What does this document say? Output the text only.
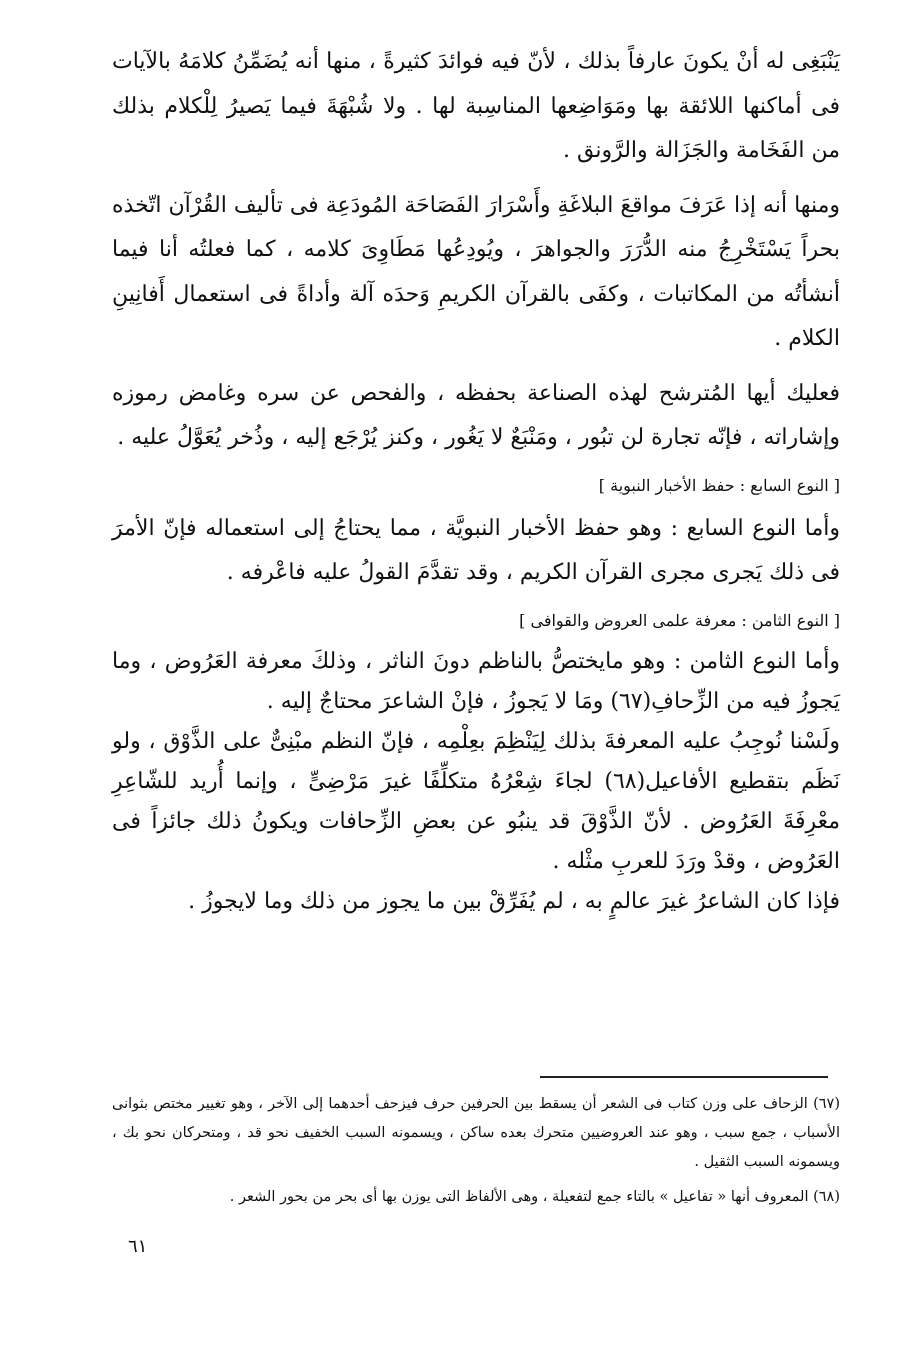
يَنْبَغِى له أنْ يكونَ عارفاً بذلك ، لأنّ فيه فوائدَ كثيرةً ، منها أنه يُضَمِّنُ كلامَهُ بالآيات فى أماكنها اللائقة بها ومَوَاضِعها المناسِبة لها . ولا شُبْهَةَ فيما يَصيرُ لِلْكلام بذلك من الفَخَامة والجَزَالة والرَّونق .

ومنها أنه إذا عَرَفَ مواقعَ البلاغَةِ وأَسْرَارَ الفَصَاحَة المُودَعِة فى تأليف القُرْآن اتّخذه بحراً يَسْتَخْرِجُ منه الدُّرَرَ والجواهرَ ، ويُودِعُها مَطَاوِىَ كلامه ، كما فعلتُه أنا فيما أنشأتُه من المكاتبات ، وكفَى بالقرآن الكريمِ وَحدَه آلة وأداةً فى استعمال أَفانِينِ الكلام .

فعليك أيها المُترشح لهذه الصناعة بحفظه ، والفحص عن سره وغامض رموزه وإشاراته ، فإنّه تجارة لن تبُور ، ومَنْبَعٌ لا يَغُور ، وكنز يُرْجَع إليه ، وذُخر يُعَوَّلُ عليه .

[ النوع السابع : حفظ الأخبار النبوية ]

وأما النوع السابع : وهو حفظ الأخبار النبويَّة ، مما يحتاجُ إلى استعماله فإنّ الأمرَ فى ذلك يَجرى مجرى القرآن الكريم ، وقد تقدَّمَ القولُ عليه فاعْرفه .

[ النوع الثامن : معرفة علمى العروض والقوافى ]

وأما النوع الثامن : وهو مايختصُّ بالناظم دونَ الناثر ، وذلكَ معرفة العَرُوض ، وما يَجوزُ فيه من الزِّحافِ(٦٧) ومَا لا يَجوزُ ، فإنْ الشاعرَ محتاجٌ إليه .

ولَسْنا نُوجِبُ عليه المعرفةَ بذلك لِيَنْظِمَ بعِلْمِه ، فإنّ النظم مبْنِىٌّ على الذَّوْق ، ولو نَظَم بتقطيع الأفاعيل(٦٨) لجاءَ شِعْرُهُ متكلِّفًا غيرَ مَرْضِىٍّ ، وإنما أُريد للشّاعِرِ معْرِفَةَ العَرُوض . لأنّ الذَّوْقَ قد ينبُو عن بعضِ الزِّحافات ويكونُ ذلك جائزاً فى العَرُوض ، وقدْ ورَدَ للعربِ مثْله .

فإذا كان الشاعرُ غيرَ عالمٍ به ، لم يُفَرِّقْ بين ما يجوز من ذلك وما لايجوزُ .

(٦٧) الزحاف على وزن كتاب فى الشعر أن يسقط بين الحرفين حرف فيزحف أحدهما إلى الآخر ، وهو تغيير مختص بثوانى الأسباب ، جمع سبب ، وهو عند العروضيين متحرك بعده ساكن ، ويسمونه السبب الخفيف نحو قد ، ومتحركان نحو بك ، ويسمونه السبب الثقيل .

(٦٨) المعروف أنها « تفاعيل » بالتاء جمع لتفعيلة ، وهى الألفاظ التى يوزن بها أى بحر من بحور الشعر .

٦١
